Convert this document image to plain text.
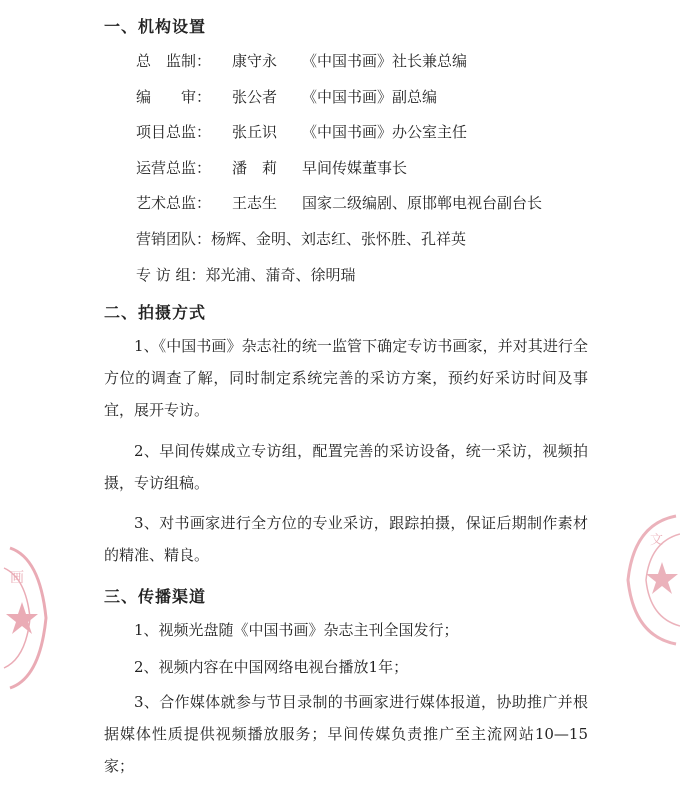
一、机构设置
总　监制：	康守永	《中国书画》社长兼总编
编　　审：	张公者	《中国书画》副总编
项目总监：	张丘识	《中国书画》办公室主任
运营总监：	潘　莉	早间传媒董事长
艺术总监：	王志生	国家二级编剧、原邯郸电视台副台长
营销团队： 杨辉、金明、刘志红、张怀胜、孔祥英
专 访 组： 郑光浦、蒲奇、徐明瑞
二、拍摄方式
1、《中国书画》杂志社的统一监管下确定专访书画家，并对其进行全方位的调查了解，同时制定系统完善的采访方案，预约好采访时间及事宜，展开专访。
2、早间传媒成立专访组，配置完善的采访设备，统一采访，视频拍摄，专访组稿。
3、对书画家进行全方位的专业采访，跟踪拍摄，保证后期制作素材的精准、精良。
三、传播渠道
1、视频光盘随《中国书画》杂志主刊全国发行；
2、视频内容在中国网络电视台播放1年；
3、合作媒体就参与节目录制的书画家进行媒体报道，协助推广并根据媒体性质提供视频播放服务；早间传媒负责推广至主流网站10—15家；
画
文
